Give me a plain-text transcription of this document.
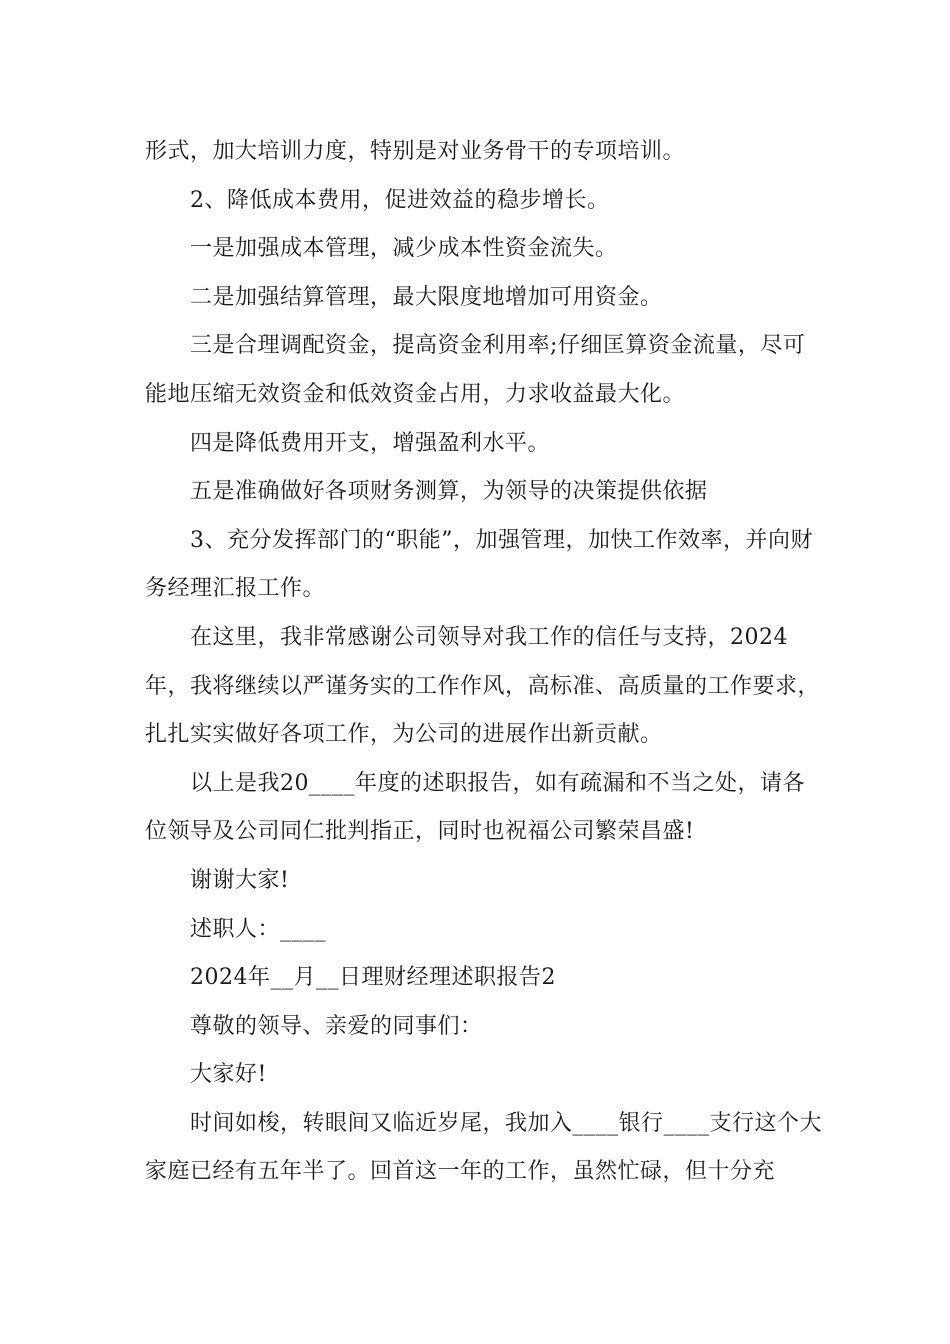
形式，加大培训力度，特别是对业务骨干的专项培训。

2、降低成本费用，促进效益的稳步增长。

一是加强成本管理，减少成本性资金流失。

二是加强结算管理，最大限度地增加可用资金。

三是合理调配资金，提高资金利用率;仔细匡算资金流量，尽可能地压缩无效资金和低效资金占用，力求收益最大化。

四是降低费用开支，增强盈利水平。

五是准确做好各项财务测算，为领导的决策提供依据

3、充分发挥部门的“职能”，加强管理，加快工作效率，并向财务经理汇报工作。

在这里，我非常感谢公司领导对我工作的信任与支持，2024年，我将继续以严谨务实的工作作风，高标准、高质量的工作要求，扎扎实实做好各项工作，为公司的进展作出新贡献。

以上是我20____年度的述职报告，如有疏漏和不当之处，请各位领导及公司同仁批判指正，同时也祝福公司繁荣昌盛!

谢谢大家!

述职人：____

2024年__月__日理财经理述职报告2

尊敬的领导、亲爱的同事们：

大家好!

时间如梭，转眼间又临近岁尾，我加入____银行____支行这个大家庭已经有五年半了。回首这一年的工作，虽然忙碌，但十分充
